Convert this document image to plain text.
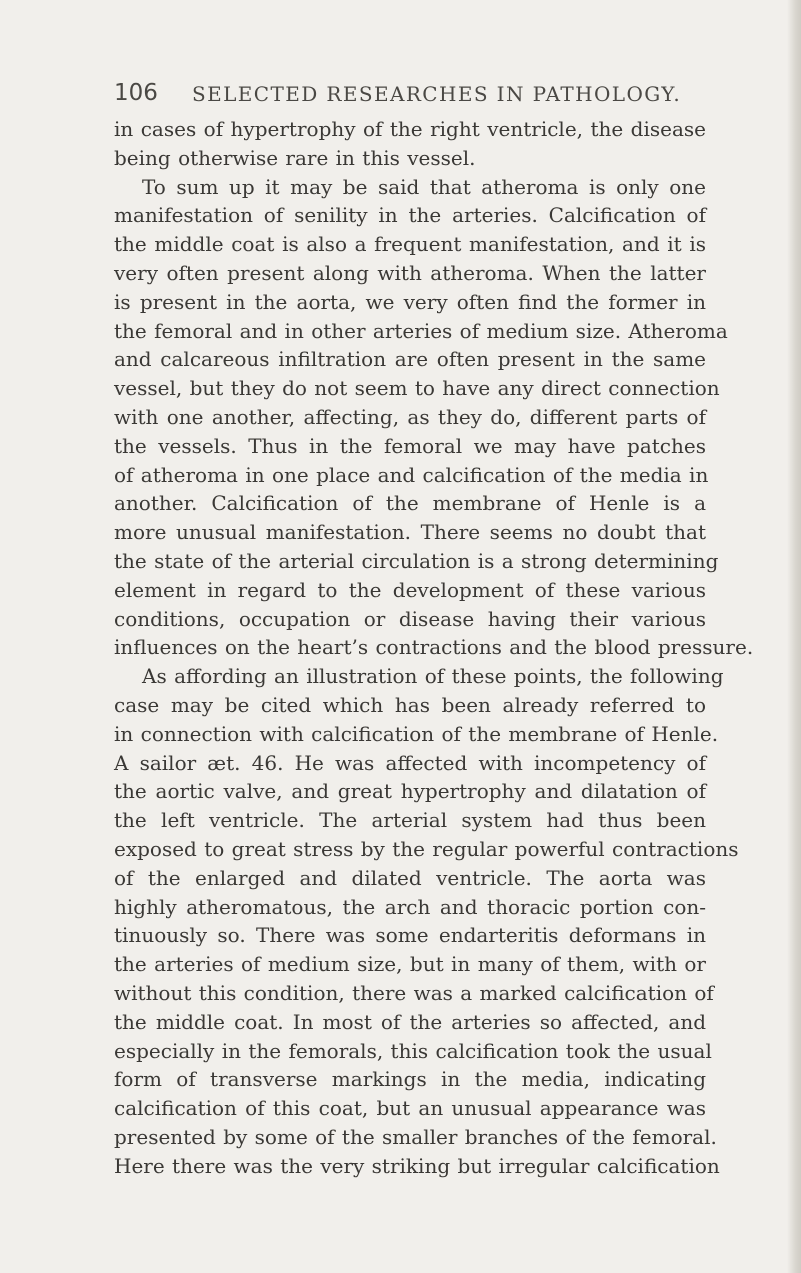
106 SELECTED RESEARCHES IN PATHOLOGY.
in cases of hypertrophy of the right ventricle, the disease
being otherwise rare in this vessel.
To sum up it may be said that atheroma is only one
manifestation of senility in the arteries. Calcification of
the middle coat is also a frequent manifestation, and it is
very often present along with atheroma. When the latter
is present in the aorta, we very often find the former in
the femoral and in other arteries of medium size. Atheroma
and calcareous infiltration are often present in the same
vessel, but they do not seem to have any direct connection
with one another, affecting, as they do, different parts of
the vessels. Thus in the femoral we may have patches
of atheroma in one place and calcification of the media in
another. Calcification of the membrane of Henle is a
more unusual manifestation. There seems no doubt that
the state of the arterial circulation is a strong determining
element in regard to the development of these various
conditions, occupation or disease having their various
influences on the heart’s contractions and the blood pressure.
As affording an illustration of these points, the following
case may be cited which has been already referred to
in connection with calcification of the membrane of Henle.
A sailor æt. 46. He was affected with incompetency of
the aortic valve, and great hypertrophy and dilatation of
the left ventricle. The arterial system had thus been
exposed to great stress by the regular powerful contractions
of the enlarged and dilated ventricle. The aorta was
highly atheromatous, the arch and thoracic portion con-
tinuously so. There was some endarteritis deformans in
the arteries of medium size, but in many of them, with or
without this condition, there was a marked calcification of
the middle coat. In most of the arteries so affected, and
especially in the femorals, this calcification took the usual
form of transverse markings in the media, indicating
calcification of this coat, but an unusual appearance was
presented by some of the smaller branches of the femoral.
Here there was the very striking but irregular calcification
